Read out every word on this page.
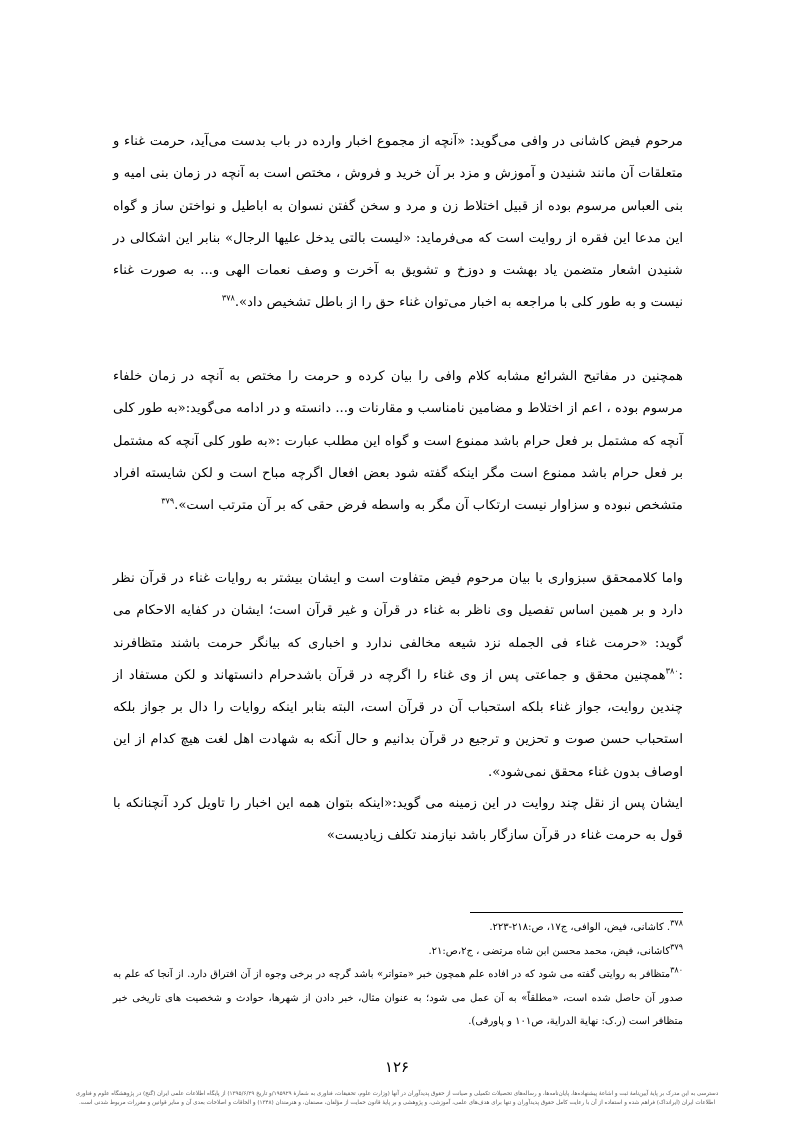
مرحوم فیض کاشانی در وافی می‌گوید: «آنچه از مجموع اخبار وارده در باب بدست می‌آید، حرمت غناء و متعلقات آن مانند شنیدن و آموزش و مزد بر آن خرید و فروش ، مختص است به آنچه در زمان بنی امیه و بنی العباس مرسوم بوده از قبیل اختلاط زن و مرد و سخن گفتن نسوان به اباطیل و نواختن ساز و گواه این مدعا این فقره از روایت است که می‌فرماید: «لیست بالتی یدخل علیها الرجال» بنابر این اشکالی در شنیدن اشعار متضمن یاد بهشت و دوزخ و تشویق به آخرت و وصف نعمات الهی و... به صورت غناء نیست و به طور کلی با مراجعه به اخبار می‌توان غناء حق را از باطل تشخیص داد».$^{۳۷۸}$

همچنین در مفاتیح الشرائع مشابه کلام وافی را بیان کرده و حرمت را مختص به آنچه در زمان خلفاء مرسوم بوده ، اعم از اختلاط و مضامین نامناسب و مقارنات و... دانسته و در ادامه می‌گوید:«به طور کلی آنچه که مشتمل بر فعل حرام باشد ممنوع است و گواه این مطلب عبارت :«به طور کلی آنچه که مشتمل بر فعل حرام باشد ممنوع است مگر اینکه گفته شود بعض افعال اگرچه مباح است و لکن شایسته افراد متشخص نبوده و سزاوار نیست ارتکاب آن مگر به واسطه فرض حقی که بر آن مترتب است».$^{۳۷۹}$

واما کلاممحقق سبزواری با بیان مرحوم فیض متفاوت است و ایشان بیشتر به روایات غناء در قرآن نظر دارد و بر همین اساس تفصیل وی ناظر به غناء در قرآن و غیر قرآن است؛ ایشان در کفایه الاحکام می گوید: «حرمت غناء فی الجمله نزد شیعه مخالفی ندارد و اخباری که بیانگر حرمت باشند متظافرند :$^{۳۸۰}$همچنین محقق و جماعتی پس از وی غناء را اگرچه در قرآن باشدحرام دانستهاند و لکن مستفاد از چندین روایت، جواز غناء بلکه استحباب آن در قرآن است، البته بنابر اینکه روایات را دال بر جواز بلکه استحباب حسن صوت و تحزین و ترجیع در قرآن بدانیم و حال آنکه به شهادت اهل لغت هیچ کدام از این اوصاف بدون غناء محقق نمی‌شود».

ایشان پس از نقل چند روایت در این زمینه می گوید:«اینکه بتوان همه این اخبار را تاویل کرد آنچنانکه با قول به حرمت غناء در قرآن سازگار باشد نیازمند تکلف زیادیست»

$^{۳۷۸}$. کاشانی، فیض، الوافی، ج۱۷، ص:۲۱۸-۲۲۳.

$^{۳۷۹}$کاشانی، فیض، محمد محسن ابن شاه مرتضی ، ج۲،ص:۲۱.

$^{۳۸۰}$متظافر به روایتی گفته می شود که در افاده علم همچون خبر «متواتر» باشد گرچه در برخی وجوه از آن افتراق دارد. از آنجا که علم به صدور آن حاصل شده است، «مطلقاً» به آن عمل می شود؛ به عنوان مثال، خبر دادن از شهرها، حوادث و شخصیت های تاریخی خبر متظافر است (ر.ک: نهایة الدرایة، ص۱۰۱ و پاورقی).

۱۲۶

دسترسی به این مدرک بر پایهٔ آیین‌نامهٔ ثبت و اشاعهٔ پیشنهاده‌ها، پایان‌نامه‌ها، و رساله‌های تحصیلات تکمیلی و صیانت از حقوق پدیدآوران در آنها (وزارت علوم، تحقیقات، فناوری به شمارهٔ ۱۹۵۹۲۹/و تاریخ ۱۳۹۵/۶/۲۹) از پایگاه اطلاعات علمی ایران (گنج) در پژوهشگاه علوم و فناوری

اطلاعات ایران (ایرانداک) فراهم شده و استفاده از آن با رعایت کامل حقوق پدیدآوران و تنها برای هدف‌های علمی، آموزشی، و پژوهشی و بر پایهٔ قانون حمایت از مؤلفان، مصنفان، و هنرمندان (۱۳۴۸) و الحاقات و اصلاحات بعدی آن و سایر قوانین و مقررات مربوط شدنی است.
